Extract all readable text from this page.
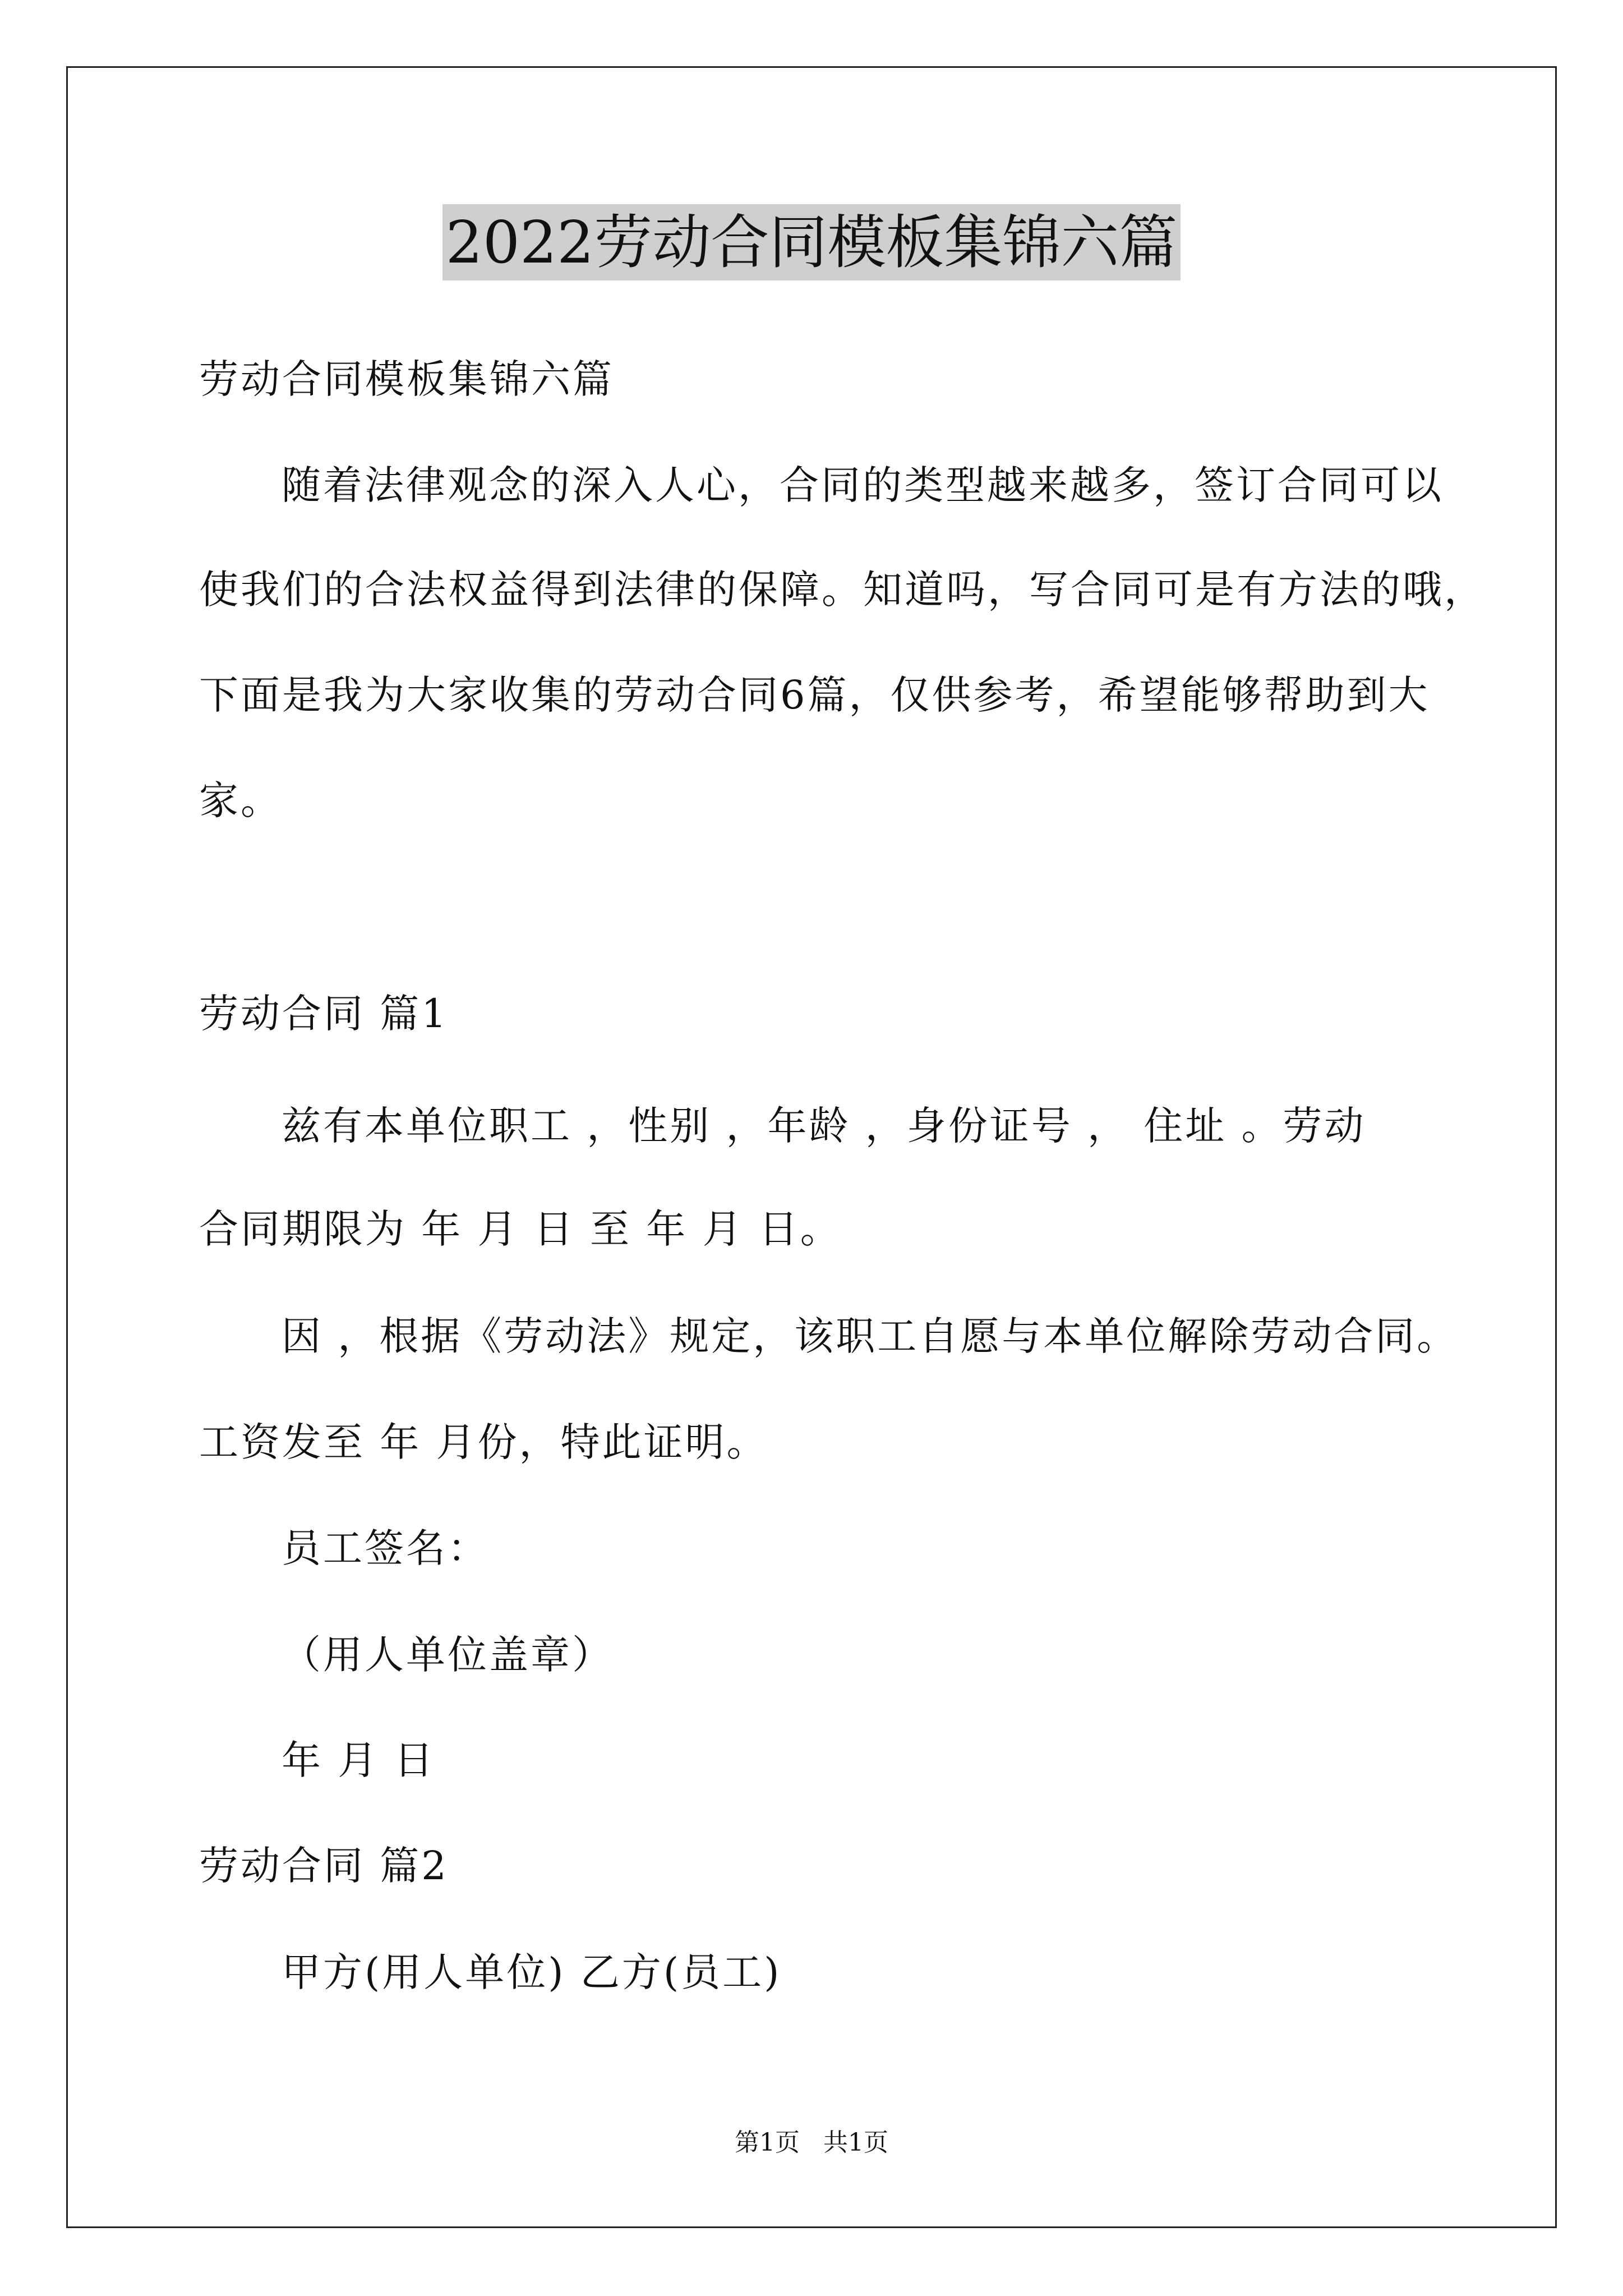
2022劳动合同模板集锦六篇
劳动合同模板集锦六篇
随着法律观念的深入人心，合同的类型越来越多，签订合同可以
使我们的合法权益得到法律的保障。知道吗，写合同可是有方法的哦，
下面是我为大家收集的劳动合同6篇，仅供参考，希望能够帮助到大
家。
劳动合同 篇1
兹有本单位职工 ，性别 ，年龄 ，身份证号 ， 住址 。劳动
合同期限为 年 月 日 至 年 月 日。
因 ，根据《劳动法》规定，该职工自愿与本单位解除劳动合同。
工资发至 年 月份，特此证明。
员工签名：
（用人单位盖章）
年 月 日
劳动合同 篇2
甲方(用人单位) 乙方(员工)
第1页   共1页
